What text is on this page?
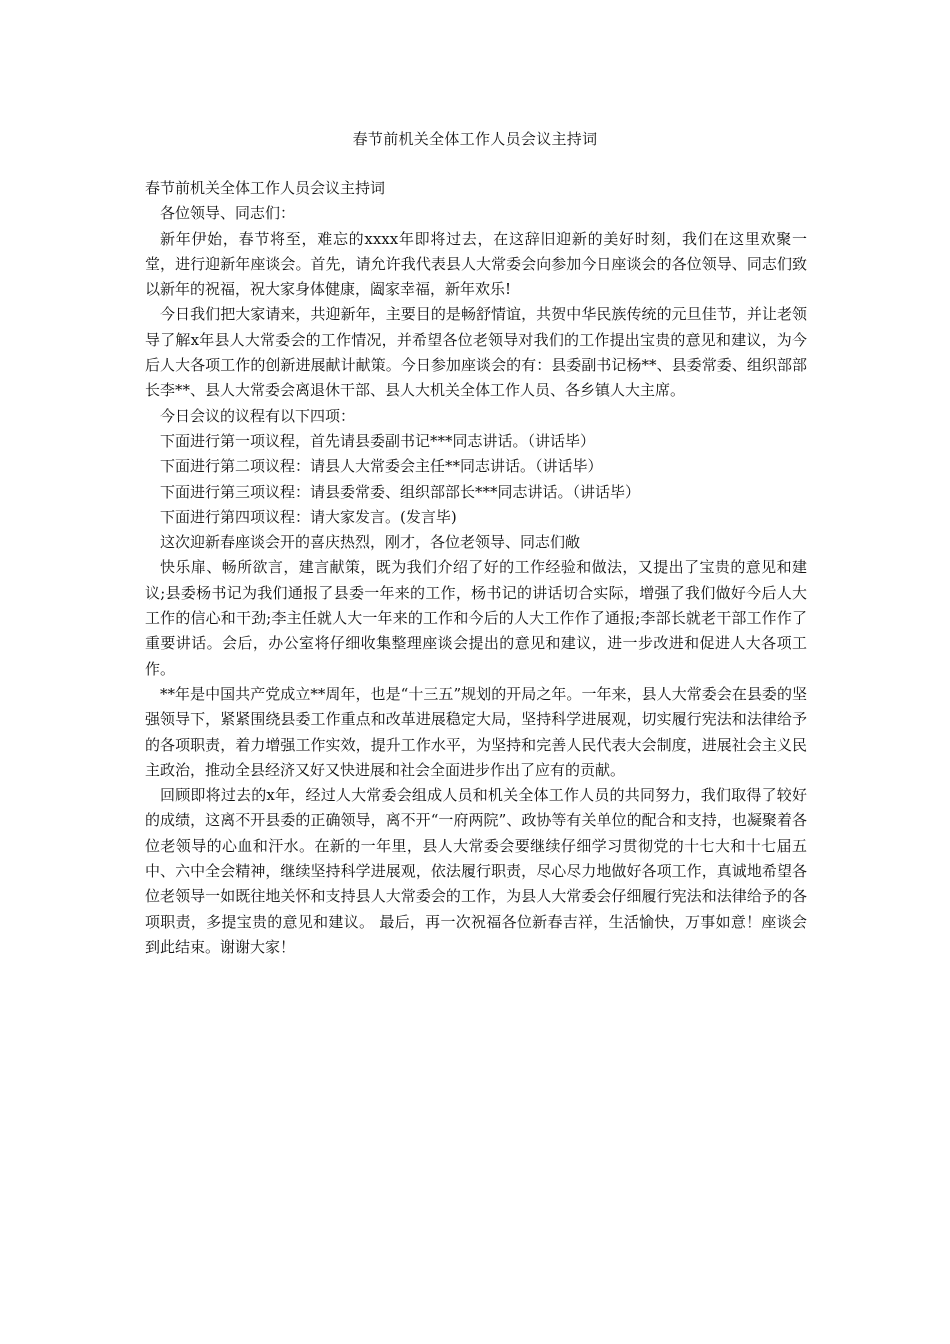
春节前机关全体工作人员会议主持词

春节前机关全体工作人员会议主持词

各位领导、同志们：

新年伊始，春节将至，难忘的xxxx年即将过去，在这辞旧迎新的美好时刻，我们在这里欢聚一堂，进行迎新年座谈会。首先，请允许我代表县人大常委会向参加今日座谈会的各位领导、同志们致以新年的祝福，祝大家身体健康，阖家幸福，新年欢乐!

今日我们把大家请来，共迎新年，主要目的是畅舒情谊，共贺中华民族传统的元旦佳节，并让老领导了解x年县人大常委会的工作情况，并希望各位老领导对我们的工作提出宝贵的意见和建议，为今后人大各项工作的创新进展献计献策。今日参加座谈会的有：县委副书记杨**、县委常委、组织部部长李**、县人大常委会离退休干部、县人大机关全体工作人员、各乡镇人大主席。

今日会议的议程有以下四项：

下面进行第一项议程，首先请县委副书记***同志讲话。（讲话毕）

下面进行第二项议程：请县人大常委会主任**同志讲话。（讲话毕）

下面进行第三项议程：请县委常委、组织部部长***同志讲话。（讲话毕）

下面进行第四项议程：请大家发言。(发言毕)

这次迎新春座谈会开的喜庆热烈，刚才，各位老领导、同志们敞

快乐扉、畅所欲言，建言献策，既为我们介绍了好的工作经验和做法，又提出了宝贵的意见和建议;县委杨书记为我们通报了县委一年来的工作，杨书记的讲话切合实际，增强了我们做好今后人大工作的信心和干劲;李主任就人大一年来的工作和今后的人大工作作了通报;李部长就老干部工作作了重要讲话。会后，办公室将仔细收集整理座谈会提出的意见和建议，进一步改进和促进人大各项工作。

**年是中国共产党成立**周年，也是“十三五”规划的开局之年。一年来，县人大常委会在县委的坚强领导下，紧紧围绕县委工作重点和改革进展稳定大局，坚持科学进展观，切实履行宪法和法律给予的各项职责，着力增强工作实效，提升工作水平，为坚持和完善人民代表大会制度，进展社会主义民主政治，推动全县经济又好又快进展和社会全面进步作出了应有的贡献。

回顾即将过去的x年，经过人大常委会组成人员和机关全体工作人员的共同努力，我们取得了较好的成绩，这离不开县委的正确领导，离不开“一府两院”、政协等有关单位的配合和支持，也凝聚着各位老领导的心血和汗水。在新的一年里，县人大常委会要继续仔细学习贯彻党的十七大和十七届五中、六中全会精神，继续坚持科学进展观，依法履行职责，尽心尽力地做好各项工作，真诚地希望各位老领导一如既往地关怀和支持县人大常委会的工作，为县人大常委会仔细履行宪法和法律给予的各项职责，多提宝贵的意见和建议。 最后，再一次祝福各位新春吉祥，生活愉快，万事如意！座谈会到此结束。谢谢大家！
